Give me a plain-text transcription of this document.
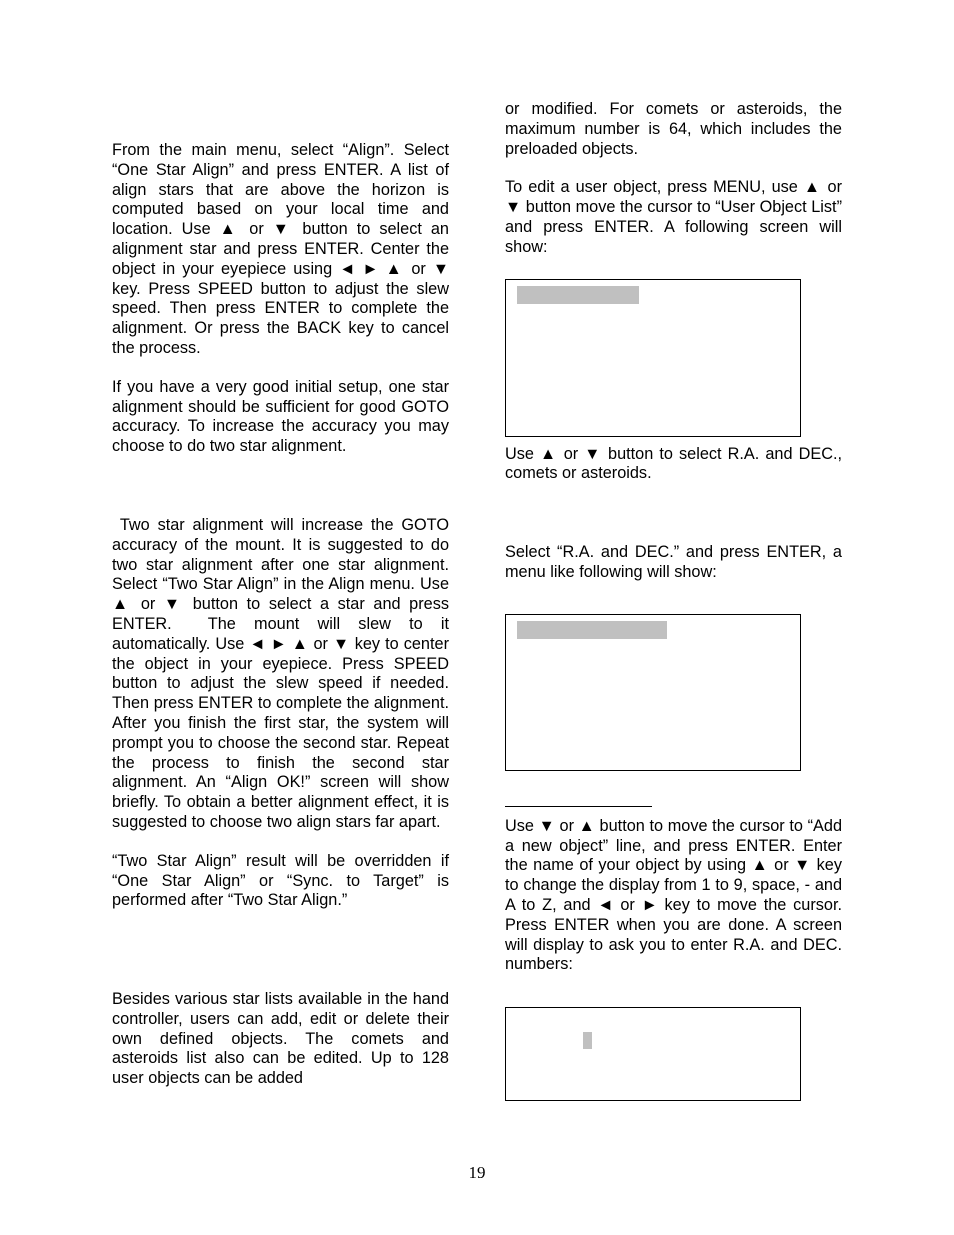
From the main menu, select “Align”. Select “One Star Align” and press ENTER. A list of align stars that are above the horizon is computed based on your local time and location. Use ▲ or ▼ button to select an alignment star and press ENTER. Center the object in your eyepiece using ◄ ► ▲ or ▼ key. Press SPEED button to adjust the slew speed. Then press ENTER to complete the alignment. Or press the BACK key to cancel the process.

If you have a very good initial setup, one star alignment should be sufficient for good GOTO accuracy. To increase the accuracy you may choose to do two star alignment.

Two star alignment will increase the GOTO accuracy of the mount. It is suggested to do two star alignment after one star alignment. Select “Two Star Align” in the Align menu. Use ▲ or ▼ button to select a star and press ENTER.  The mount will slew to it automatically. Use ◄ ► ▲ or ▼ key to center the object in your eyepiece. Press SPEED button to adjust the slew speed if needed. Then press ENTER to complete the alignment. After you finish the first star, the system will prompt you to choose the second star. Repeat the process to finish the second star alignment. An “Align OK!” screen will show briefly. To obtain a better alignment effect, it is suggested to choose two align stars far apart.

“Two Star Align” result will be overridden if “One Star Align” or “Sync. to Target” is performed after “Two Star Align.”

Besides various star lists available in the hand controller, users can add, edit or delete their own defined objects. The comets and asteroids list also can be edited. Up to 128 user objects can be added

or modified. For comets or asteroids, the maximum number is 64, which includes the preloaded objects.

To edit a user object, press MENU, use ▲ or ▼ button move the cursor to “User Object List” and press ENTER. A following screen will show:

Use ▲ or ▼ button to select R.A. and DEC., comets or asteroids.

Select “R.A. and DEC.” and press ENTER, a menu like following will show:

Use ▼ or ▲ button to move the cursor to “Add a new object” line, and press ENTER. Enter the name of your object by using ▲ or ▼ key to change the display from 1 to 9, space, - and A to Z, and ◄ or ► key to move the cursor. Press ENTER when you are done. A screen will display to ask you to enter R.A. and DEC. numbers:

19
